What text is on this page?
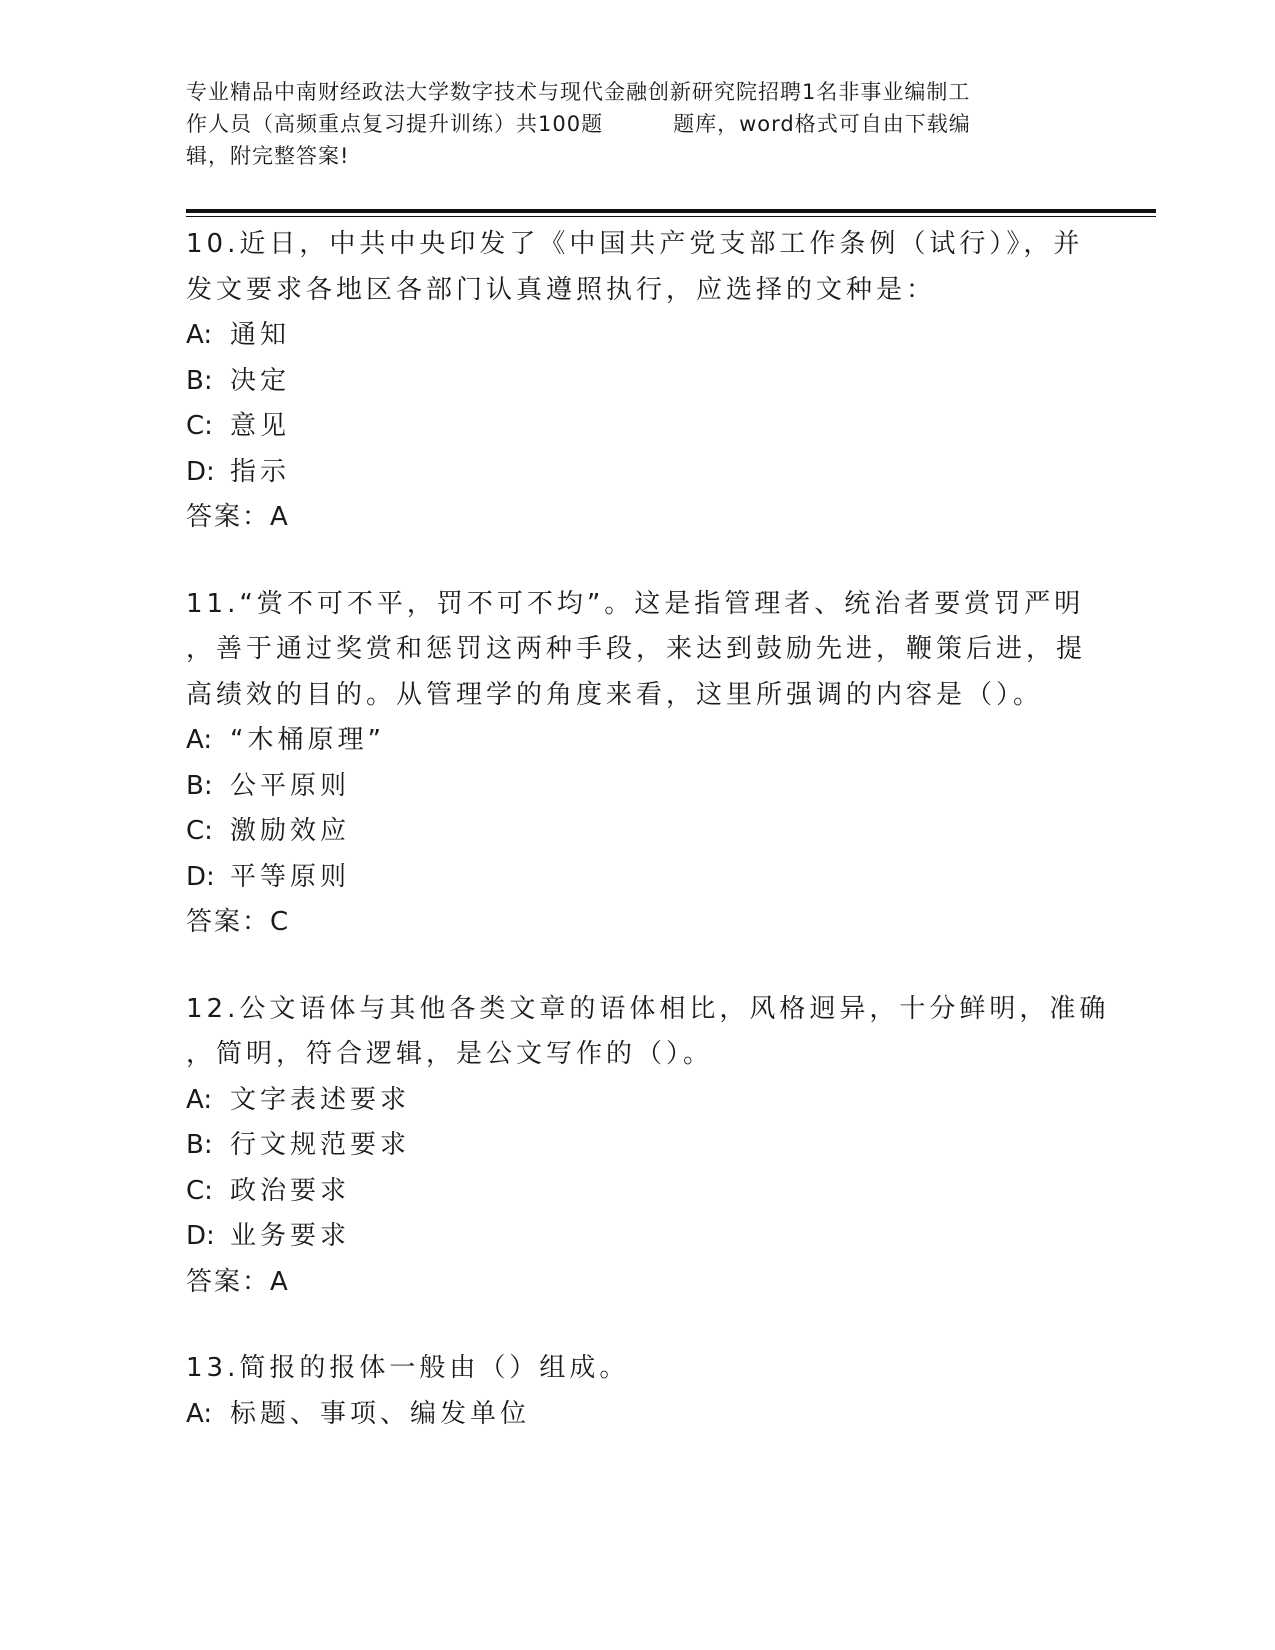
专业精品中南财经政法大学数字技术与现代金融创新研究院招聘1名非事业编制工
作人员（高频重点复习提升训练）共100题	题库，word格式可自由下载编
辑，附完整答案!
10.近日，中共中央印发了《中国共产党支部工作条例（试行）》，并
发文要求各地区各部门认真遵照执行，应选择的文种是：
A: 通知
B: 决定
C: 意见
D: 指示
答案：A
11.“赏不可不平，罚不可不均”。这是指管理者、统治者要赏罚严明
，善于通过奖赏和惩罚这两种手段，来达到鼓励先进，鞭策后进，提
高绩效的目的。从管理学的角度来看，这里所强调的内容是（）。
A: “木桶原理”
B: 公平原则
C: 激励效应
D: 平等原则
答案：C
12.公文语体与其他各类文章的语体相比，风格迥异，十分鲜明，准确
，简明，符合逻辑，是公文写作的（）。
A: 文字表述要求
B: 行文规范要求
C: 政治要求
D: 业务要求
答案：A
13.简报的报体一般由（）组成。
A: 标题、事项、编发单位
